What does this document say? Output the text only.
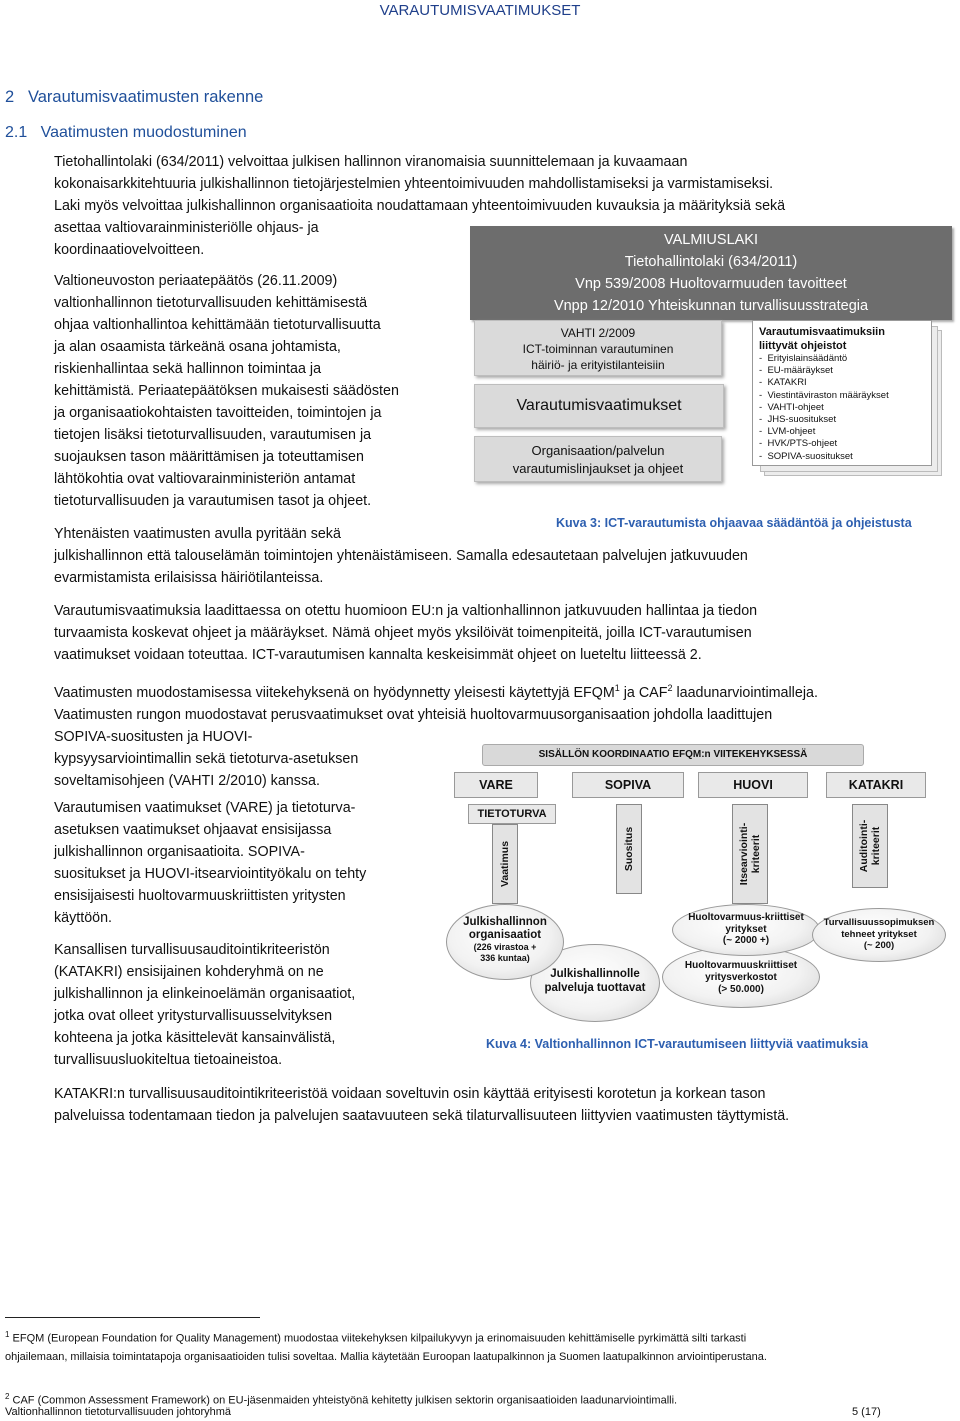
VARAUTUMISVAATIMUKSET
2 Varautumisvaatimusten rakenne
2.1 Vaatimusten muodostuminen
Tietohallintolaki (634/2011) velvoittaa julkisen hallinnon viranomaisia suunnittelemaan ja kuvaamaan
kokonaisarkkitehtuuria julkishallinnon tietojärjestelmien yhteentoimivuuden mahdollistamiseksi ja varmistamiseksi.
Laki myös velvoittaa julkishallinnon organisaatioita noudattamaan yhteentoimivuuden kuvauksia ja määrityksiä sekä
asettaa valtiovarainministeriölle ohjaus- ja
koordinaatiovelvoitteen.
Valtioneuvoston periaatepäätös (26.11.2009)
valtionhallinnon tietoturvallisuuden kehittämisestä
ohjaa valtionhallintoa kehittämään tietoturvallisuutta
ja alan osaamista tärkeänä osana johtamista,
riskienhallintaa sekä hallinnon toimintaa ja
kehittämistä. Periaatepäätöksen mukaisesti säädösten
ja organisaatiokohtaisten tavoitteiden, toimintojen ja
tietojen lisäksi tietoturvallisuuden, varautumisen ja
suojauksen tason määrittämisen ja toteuttamisen
lähtökohtia ovat valtiovarainministeriön antamat
tietoturvallisuuden ja varautumisen tasot ja ohjeet.
VALMIUSLAKI
Tietohallintolaki (634/2011)
Vnp 539/2008 Huoltovarmuuden tavoitteet
Vnpp 12/2010 Yhteiskunnan turvallisuusstrategia
VAHTI 2/2009
ICT-toiminnan varautuminen
häiriö- ja erityistilanteisiin
Varautumisvaatimukset
Organisaation/palvelun
varautumislinjaukset ja ohjeet
Varautumisvaatimuksiin
liittyvät ohjeistot
-  Erityislainsäädäntö
-  EU-määräykset
-  KATAKRI
-  Viestintäviraston määräykset
-  VAHTI-ohjeet
-  JHS-suositukset
-  LVM-ohjeet
-  HVK/PTS-ohjeet
-  SOPIVA-suositukset
Kuva 3: ICT-varautumista ohjaavaa säädäntöä ja ohjeistusta
Yhtenäisten vaatimusten avulla pyritään sekä
julkishallinnon että talouselämän toimintojen yhtenäistämiseen. Samalla edesautetaan palvelujen jatkuvuuden
evarmistamista erilaisissa häiriötilanteissa.
Varautumisvaatimuksia laadittaessa on otettu huomioon EU:n ja valtionhallinnon jatkuvuuden hallintaa ja tiedon
turvaamista koskevat ohjeet ja määräykset. Nämä ohjeet myös yksilöivät toimenpiteitä, joilla ICT-varautumisen
vaatimukset voidaan toteuttaa. ICT-varautumisen kannalta keskeisimmät ohjeet on lueteltu liitteessä 2.
Vaatimusten muodostamisessa viitekehyksenä on hyödynnetty yleisesti käytettyjä EFQM$^1$ ja CAF$^2$ laadunarviointimalleja.
Vaatimusten rungon muodostavat perusvaatimukset ovat yhteisiä huoltovarmuusorganisaation johdolla laadittujen
SOPIVA-suositusten ja HUOVI-
kypsyysarviointimallin sekä tietoturva-asetuksen
soveltamisohjeen (VAHTI 2/2010) kanssa.
Varautumisen vaatimukset (VARE) ja tietoturva-
asetuksen vaatimukset ohjaavat ensisijassa
julkishallinnon organisaatioita. SOPIVA-
suositukset ja HUOVI-itsearviointityökalu on tehty
ensisijaisesti huoltovarmuuskriittisten yritysten
käyttöön.
Kansallisen turvallisuusauditointikriteeristön
(KATAKRI) ensisijainen kohderyhmä on ne
julkishallinnon ja elinkeinoelämän organisaatiot,
jotka ovat olleet yritysturvallisuusselvityksen
kohteena ja jotka käsittelevät kansainvälistä,
turvallisuusluokiteltua tietoaineistoa.
SISÄLLÖN KOORDINAATIO EFQM:n VIITEKEHYKSESSÄ
VARE	SOPIVA	HUOVI	KATAKRI
TIETOTURVA
Vaatimus	Suositus	Itsearviointi- kriteerit	Auditointi- kriteerit
Julkishallinnolle
palveluja tuottavat
Julkishallinnon
organisaatiot
(226 virastoa +
336 kuntaa)
Huoltovarmuuskriittiset
yritysverkostot
(> 50.000)
Huoltovarmuus-kriittiset
yritykset
(~ 2000 +)
Turvallisuussopimuksen
tehneet yritykset
(~ 200)
Kuva 4: Valtionhallinnon ICT-varautumiseen liittyviä vaatimuksia
KATAKRI:n turvallisuusauditointikriteeristöä voidaan soveltuvin osin käyttää erityisesti korotetun ja korkean tason
palveluissa todentamaan tiedon ja palvelujen saatavuuteen sekä tilaturvallisuuteen liittyvien vaatimusten täyttymistä.
$^1$ EFQM (European Foundation for Quality Management) muodostaa viitekehyksen kilpailukyvyn ja erinomaisuuden kehittämiselle pyrkimättä silti tarkasti
ohjailemaan, millaisia toimintatapoja organisaatioiden tulisi soveltaa. Mallia käytetään Euroopan laatupalkinnon ja Suomen laatupalkinnon arviointiperustana.
$^2$ CAF (Common Assessment Framework) on EU-jäsenmaiden yhteistyönä kehitetty julkisen sektorin organisaatioiden laadunarviointimalli.
Valtionhallinnon tietoturvallisuuden johtoryhmä	5 (17)
